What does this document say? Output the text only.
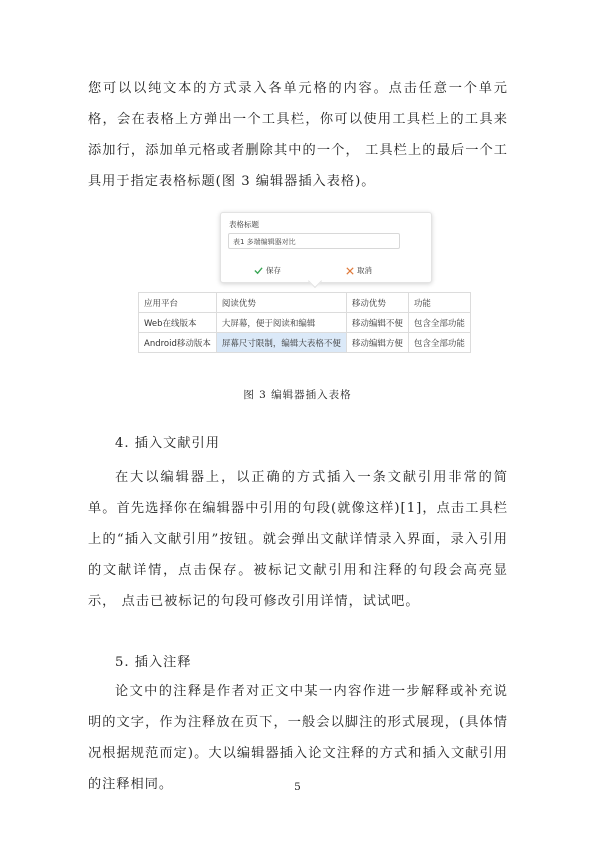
您可以以纯文本的方式录入各单元格的内容。点击任意一个单元格，会在表格上方弹出一个工具栏，你可以使用工具栏上的工具来添加行，添加单元格或者删除其中的一个， 工具栏上的最后一个工具用于指定表格标题(图 3 编辑器插入表格)。
表格标题
表1 多端编辑器对比
保存	取消
应用平台	阅读优势	移动优势	功能
Web在线版本	大屏幕，便于阅读和编辑	移动编辑不便	包含全部功能
Android移动版本	屏幕尺寸限制，编辑大表格不便	移动编辑方便	包含全部功能
图 3 编辑器插入表格
4. 插入文献引用
在大以编辑器上，以正确的方式插入一条文献引用非常的简单。首先选择你在编辑器中引用的句段(就像这样)[1]，点击工具栏上的“插入文献引用”按钮。就会弹出文献详情录入界面，录入引用的文献详情，点击保存。被标记文献引用和注释的句段会高亮显示， 点击已被标记的句段可修改引用详情，试试吧。
5. 插入注释
论文中的注释是作者对正文中某一内容作进一步解释或补充说明的文字，作为注释放在页下，一般会以脚注的形式展现，(具体情况根据规范而定)。大以编辑器插入论文注释的方式和插入文献引用的注释相同。	5
